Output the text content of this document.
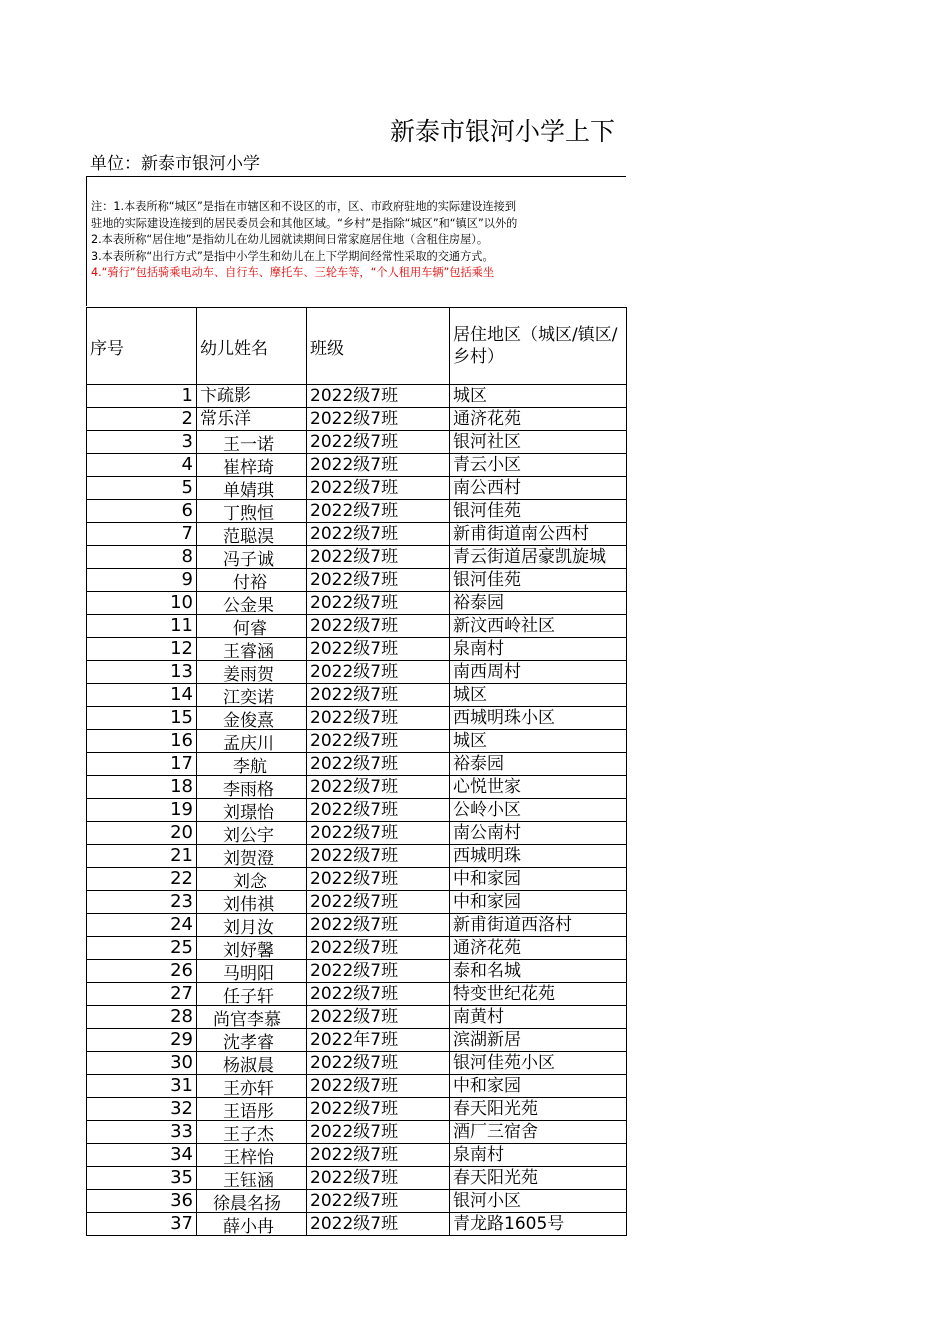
新泰市银河小学上下
单位：新泰市银河小学
注：1.本表所称“城区”是指在市辖区和不设区的市，区、市政府驻地的实际建设连接到
驻地的实际建设连接到的居民委员会和其他区域。“乡村”是指除“城区”和“镇区”以外的
2.本表所称“居住地”是指幼儿在幼儿园就读期间日常家庭居住地（含租住房屋）。
3.本表所称“出行方式”是指中小学生和幼儿在上下学期间经常性采取的交通方式。
4.“骑行”包括骑乘电动车、自行车、摩托车、三轮车等，“个人租用车辆”包括乘坐
序号	幼儿姓名	班级	居住地区（城区/镇区/乡村）
1	卞疏影	2022级7班	城区
2	常乐洋	2022级7班	通济花苑
3	王一诺	2022级7班	银河社区
4	崔梓琦	2022级7班	青云小区
5	单婧琪	2022级7班	南公西村
6	丁煦恒	2022级7班	银河佳苑
7	范聪淏	2022级7班	新甫街道南公西村
8	冯子诚	2022级7班	青云街道居豪凯旋城
9	付裕	2022级7班	银河佳苑
10	公金果	2022级7班	裕泰园
11	何睿	2022级7班	新汶西岭社区
12	王睿涵	2022级7班	泉南村
13	姜雨贺	2022级7班	南西周村
14	江奕诺	2022级7班	城区
15	金俊熹	2022级7班	西城明珠小区
16	孟庆川	2022级7班	城区
17	李航	2022级7班	裕泰园
18	李雨格	2022级7班	心悦世家
19	刘璟怡	2022级7班	公岭小区
20	刘公宇	2022级7班	南公南村
21	刘贺澄	2022级7班	西城明珠
22	刘念	2022级7班	中和家园
23	刘伟祺	2022级7班	中和家园
24	刘月汝	2022级7班	新甫街道西洛村
25	刘妤馨	2022级7班	通济花苑
26	马明阳	2022级7班	泰和名城
27	任子轩	2022级7班	特变世纪花苑
28	尚官李慕	2022级7班	南黄村
29	沈孝睿	2022年7班	滨湖新居
30	杨淑晨	2022级7班	银河佳苑小区
31	王亦轩	2022级7班	中和家园
32	王语彤	2022级7班	春天阳光苑
33	王子杰	2022级7班	酒厂三宿舍
34	王梓怡	2022级7班	泉南村
35	王钰涵	2022级7班	春天阳光苑
36	徐晨名扬	2022级7班	银河小区
37	薛小冉	2022级7班	青龙路1605号
